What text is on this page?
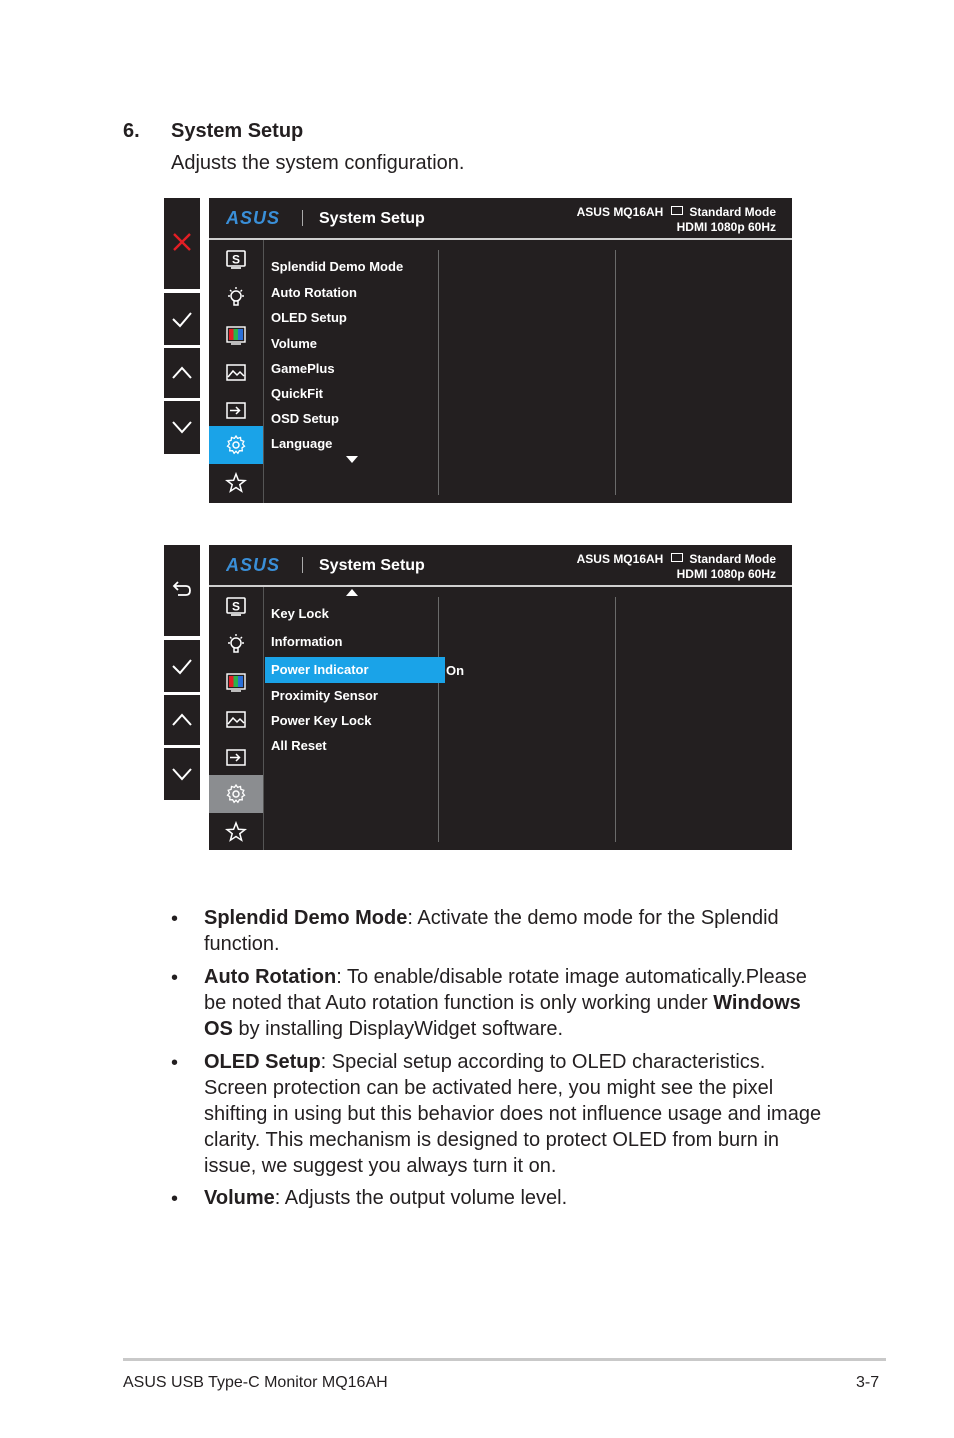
6. System Setup
Adjusts the system configuration.
ASUS System Setup	ASUS MQ16AH Standard Mode
HDMI 1080p 60Hz
S Splendid Demo Mode
Auto Rotation
OLED Setup
Volume
GamePlus
QuickFit
OSD Setup
Language
ASUS System Setup	ASUS MQ16AH Standard Mode
HDMI 1080p 60Hz
S Key Lock
Information
Power Indicator	On
Proximity Sensor
Power Key Lock
All Reset
• Splendid Demo Mode: Activate the demo mode for the Splendid function.
• Auto Rotation: To enable/disable rotate image automatically.Please be noted that Auto rotation function is only working under Windows OS by installing DisplayWidget software.
• OLED Setup: Special setup according to OLED characteristics. Screen protection can be activated here, you might see the pixel shifting in using but this behavior does not influence usage and image clarity. This mechanism is designed to protect OLED from burn in issue, we suggest you always turn it on.
• Volume: Adjusts the output volume level.
ASUS USB Type-C Monitor MQ16AH	3-7
